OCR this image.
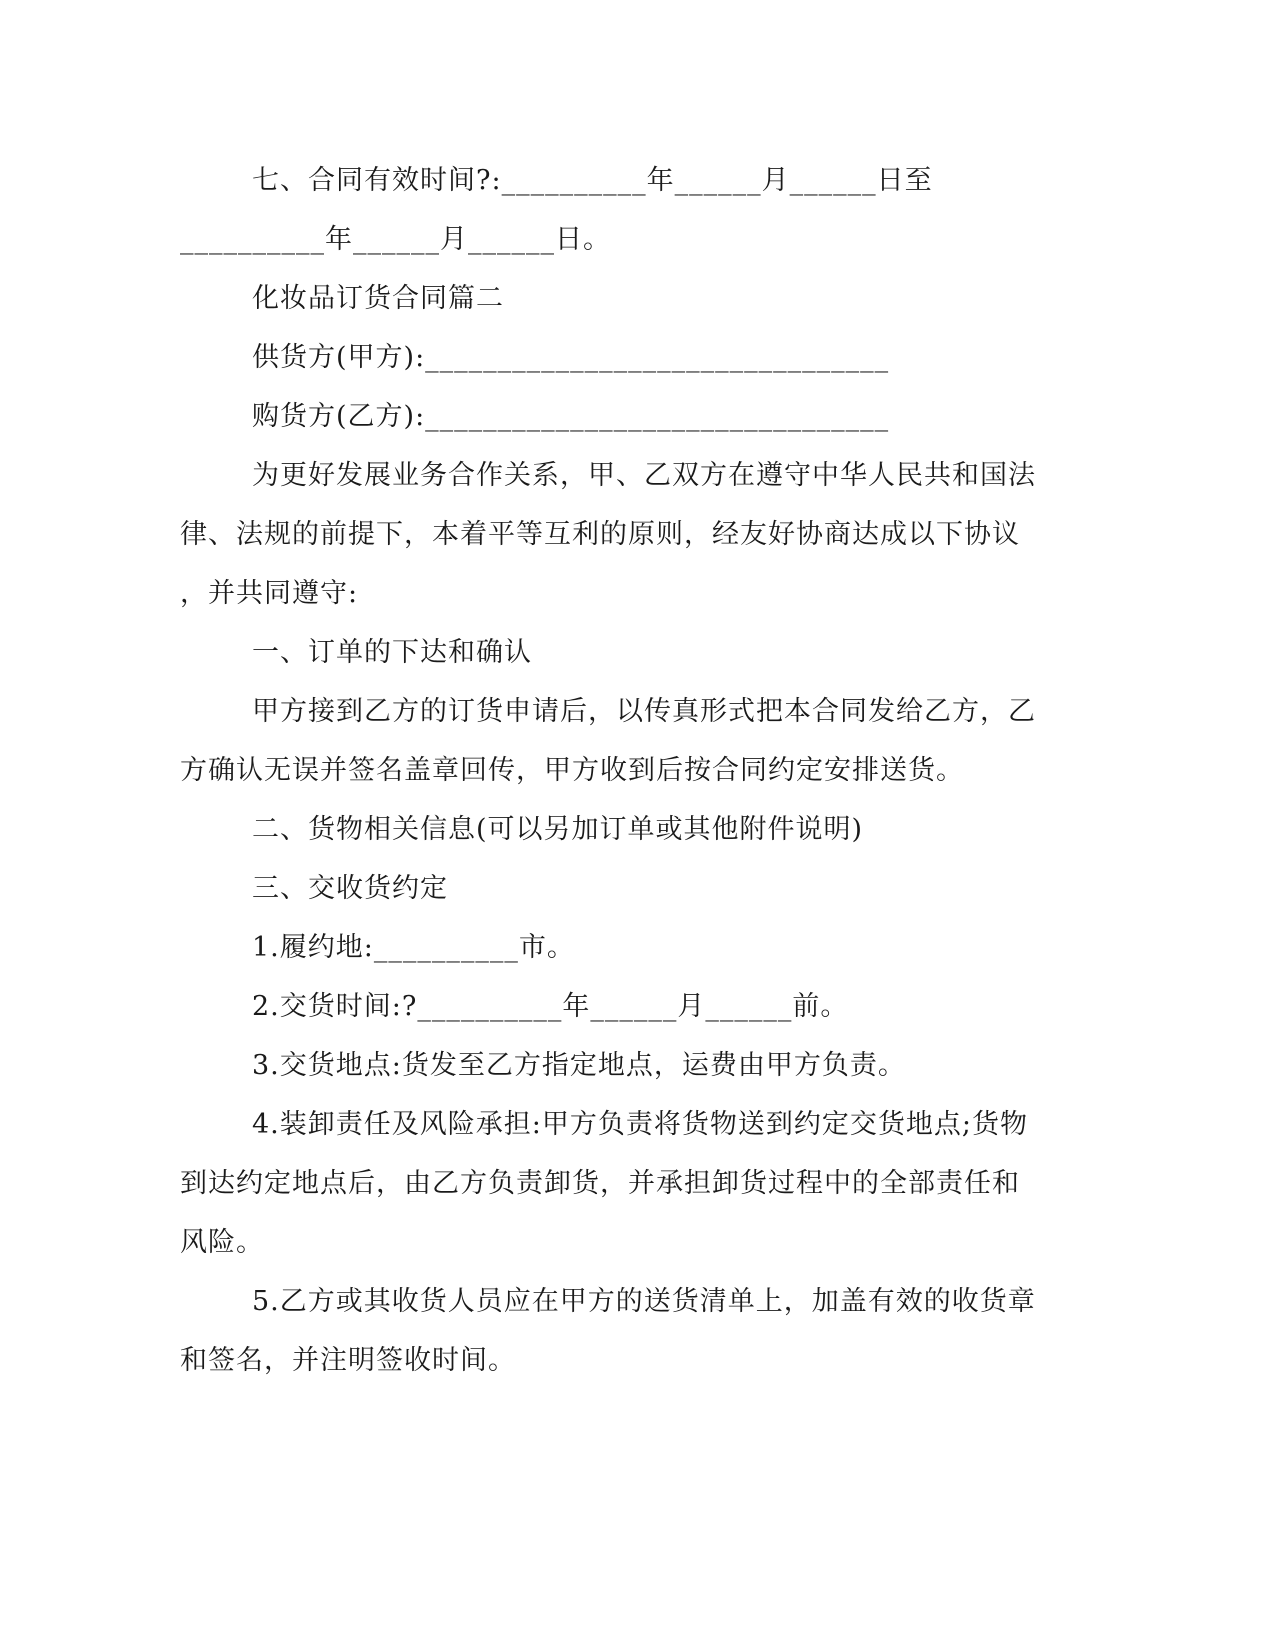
七、合同有效时间?:__________年______月______日至
__________年______月______日。
化妆品订货合同篇二
供货方(甲方):________________________________
购货方(乙方):________________________________
为更好发展业务合作关系，甲、乙双方在遵守中华人民共和国法
律、法规的前提下，本着平等互利的原则，经友好协商达成以下协议
，并共同遵守:
一、订单的下达和确认
甲方接到乙方的订货申请后，以传真形式把本合同发给乙方，乙
方确认无误并签名盖章回传，甲方收到后按合同约定安排送货。
二、货物相关信息(可以另加订单或其他附件说明)
三、交收货约定
1.履约地:__________市。
2.交货时间:?__________年______月______前。
3.交货地点:货发至乙方指定地点，运费由甲方负责。
4.装卸责任及风险承担:甲方负责将货物送到约定交货地点;货物
到达约定地点后，由乙方负责卸货，并承担卸货过程中的全部责任和
风险。
5.乙方或其收货人员应在甲方的送货清单上，加盖有效的收货章
和签名，并注明签收时间。
